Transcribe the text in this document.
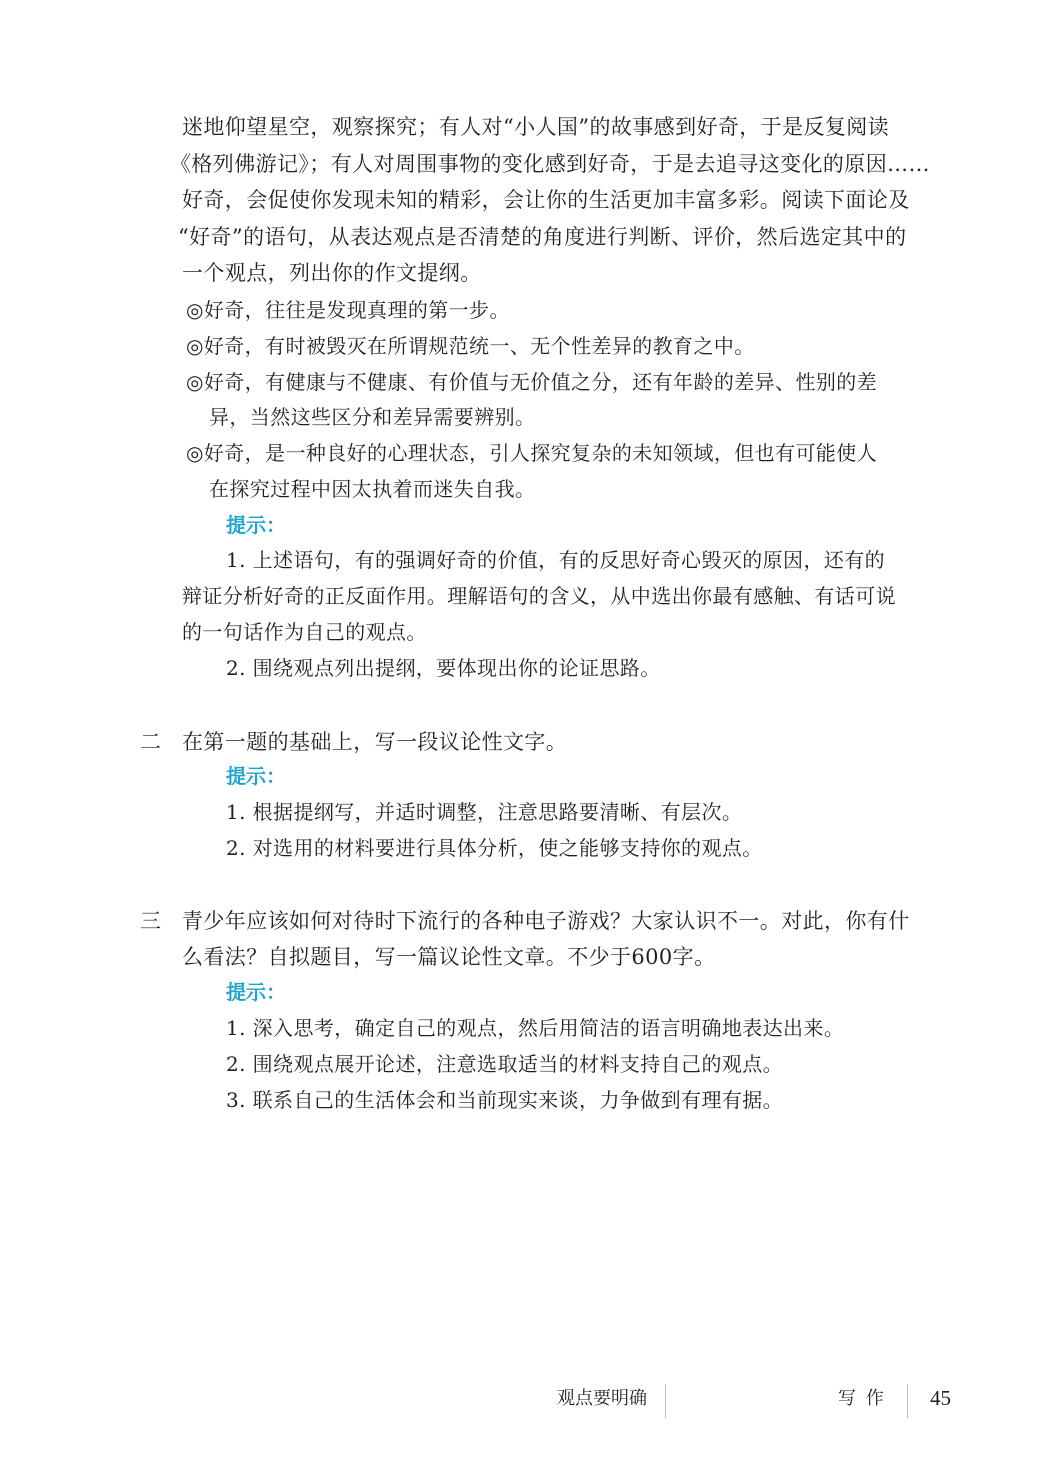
迷地仰望星空，观察探究；有人对“小人国”的故事感到好奇，于是反复阅读
《格列佛游记》；有人对周围事物的变化感到好奇，于是去追寻这变化的原因……
好奇，会促使你发现未知的精彩，会让你的生活更加丰富多彩。阅读下面论及
“好奇”的语句，从表达观点是否清楚的角度进行判断、评价，然后选定其中的
一个观点，列出你的作文提纲。
◎好奇，往往是发现真理的第一步。
◎好奇，有时被毁灭在所谓规范统一、无个性差异的教育之中。
◎好奇，有健康与不健康、有价值与无价值之分，还有年龄的差异、性别的差
异，当然这些区分和差异需要辨别。
◎好奇，是一种良好的心理状态，引人探究复杂的未知领域，但也有可能使人
在探究过程中因太执着而迷失自我。
提示：
1. 上述语句，有的强调好奇的价值，有的反思好奇心毁灭的原因，还有的
辩证分析好奇的正反面作用。理解语句的含义，从中选出你最有感触、有话可说
的一句话作为自己的观点。
2. 围绕观点列出提纲，要体现出你的论证思路。
二 在第一题的基础上，写一段议论性文字。
提示：
1. 根据提纲写，并适时调整，注意思路要清晰、有层次。
2. 对选用的材料要进行具体分析，使之能够支持你的观点。
三 青少年应该如何对待时下流行的各种电子游戏？大家认识不一。对此，你有什
么看法？自拟题目，写一篇议论性文章。不少于600字。
提示：
1. 深入思考，确定自己的观点，然后用简洁的语言明确地表达出来。
2. 围绕观点展开论述，注意选取适当的材料支持自己的观点。
3. 联系自己的生活体会和当前现实来谈，力争做到有理有据。
观点要明确	写 作 45
